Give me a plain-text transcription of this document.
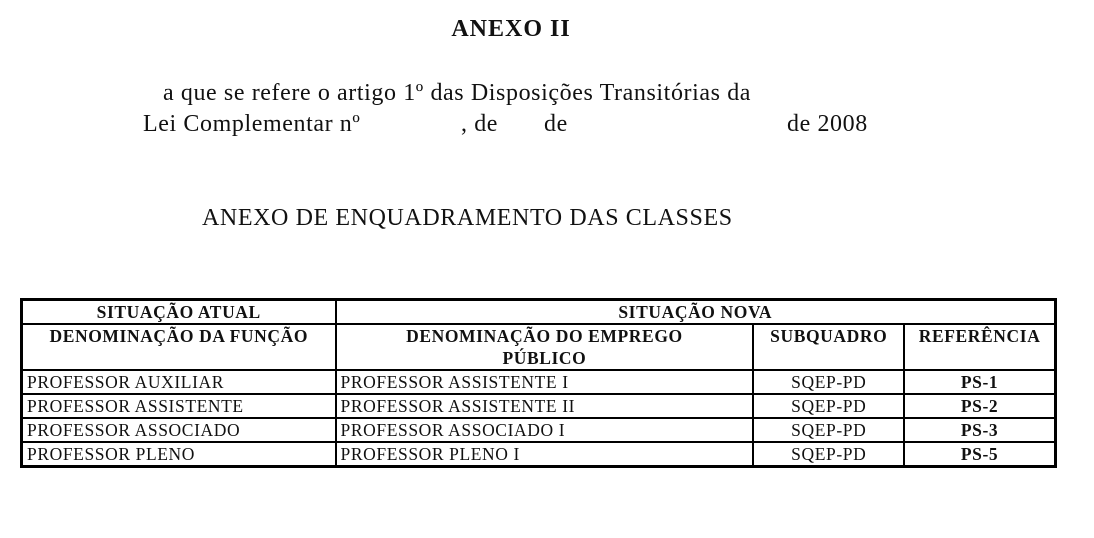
ANEXO II
a que se refere o artigo 1º das Disposições Transitórias da
Lei Complementar nº	, de de	de 2008
ANEXO DE ENQUADRAMENTO DAS CLASSES
SITUAÇÃO ATUAL	SITUAÇÃO NOVA		
DENOMINAÇÃO DA FUNÇÃO	DENOMINAÇÃO DO EMPREGO PÚBLICO	SUBQUADRO	REFERÊNCIA
PROFESSOR AUXILIAR	PROFESSOR ASSISTENTE I	SQEP-PD	PS-1
PROFESSOR ASSISTENTE	PROFESSOR ASSISTENTE II	SQEP-PD	PS-2
PROFESSOR ASSOCIADO	PROFESSOR ASSOCIADO I	SQEP-PD	PS-3
PROFESSOR PLENO	PROFESSOR PLENO I	SQEP-PD	PS-5
